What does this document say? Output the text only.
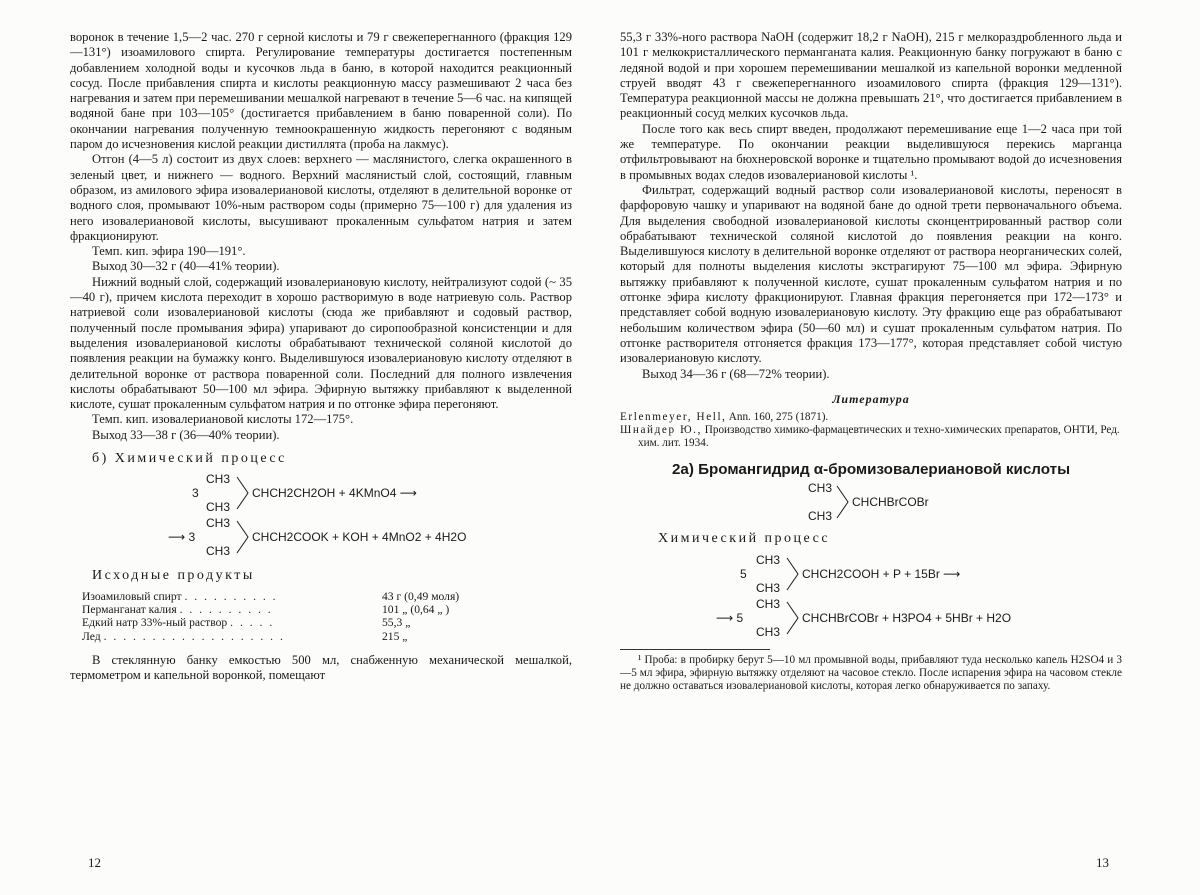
воронок в течение 1,5—2 час. 270 г серной кислоты и 79 г свежеперегнанного (фракция 129—131°) изоамилового спирта. Регулирование температуры достигается постепенным добавлением холодной воды и кусочков льда в баню, в которой находится реакционный сосуд. После прибавления спирта и кислоты реакционную массу размешивают 2 часа без нагревания и затем при перемешивании мешалкой нагревают в течение 5—6 час. на кипящей водяной бане при 103—105° (достигается прибавлением в баню поваренной соли). По окончании нагревания полученную темноокрашенную жидкость перегоняют с водяным паром до исчезновения кислой реакции дистиллята (проба на лакмус).

Отгон (4—5 л) состоит из двух слоев: верхнего — маслянистого, слегка окрашенного в зеленый цвет, и нижнего — водного. Верхний маслянистый слой, состоящий, главным образом, из амилового эфира изовалериановой кислоты, отделяют в делительной воронке от водного слоя, промывают 10%-ным раствором соды (примерно 75—100 г) для удаления из него изовалериановой кислоты, высушивают прокаленным сульфатом натрия и затем фракционируют.

Темп. кип. эфира 190—191°.

Выход 30—32 г (40—41% теории).

Нижний водный слой, содержащий изовалериановую кислоту, нейтрализуют содой (~ 35—40 г), причем кислота переходит в хорошо растворимую в воде натриевую соль. Раствор натриевой соли изовалериановой кислоты (сюда же прибавляют и содовый раствор, полученный после промывания эфира) упаривают до сиропообразной консистенции и для выделения изовалериановой кислоты обрабатывают технической соляной кислотой до появления реакции на бумажку конго. Выделившуюся изовалериановую кислоту отделяют в делительной воронке от раствора поваренной соли. Последний для полного извлечения кислоты обрабатывают 50—100 мл эфира. Эфирную вытяжку прибавляют к выделенной кислоте, сушат прокаленным сульфатом натрия и по отгонке эфира перегоняют.

Темп. кип. изовалериановой кислоты 172—175°.

Выход 33—38 г (36—40% теории).

б) Химический процесс
3
CH3
CH3
CHCH2CH2OH + 4KMnO4 ⟶
⟶ 3
CH3
CH3
CHCH2COOK + KOH + 4MnO2 + 4H2O
Исходные продукты
Изоамиловый спирт . . . . . . . . . .	43 г (0,49 моля)
Перманганат калия . . . . . . . . . .	101 „ (0,64 „ )
Едкий натр 33%-ный раствор . . . . .	55,3 „
Лед . . . . . . . . . . . . . . . . . . .	215 „

В стеклянную банку емкостью 500 мл, снабженную механической мешалкой, термометром и капельной воронкой, помещают

55,3 г 33%-ного раствора NaOH (содержит 18,2 г NaOH), 215 г мелкораздробленного льда и 101 г мелкокристаллического перманганата калия. Реакционную банку погружают в баню с ледяной водой и при хорошем перемешивании мешалкой из капельной воронки медленной струей вводят 43 г свежеперегнанного изоамилового спирта (фракция 129—131°). Температура реакционной массы не должна превышать 21°, что достигается прибавлением в реакционный сосуд мелких кусочков льда.

После того как весь спирт введен, продолжают перемешивание еще 1—2 часа при той же температуре. По окончании реакции выделившуюся перекись марганца отфильтровывают на бюхнеровской воронке и тщательно промывают водой до исчезновения в промывных водах следов изовалериановой кислоты ¹.

Фильтрат, содержащий водный раствор соли изовалериановой кислоты, переносят в фарфоровую чашку и упаривают на водяной бане до одной трети первоначального объема. Для выделения свободной изовалериановой кислоты сконцентрированный раствор соли обрабатывают технической соляной кислотой до появления реакции на конго. Выделившуюся кислоту в делительной воронке отделяют от раствора неорганических солей, который для полноты выделения кислоты экстрагируют 75—100 мл эфира. Эфирную вытяжку прибавляют к полученной кислоте, сушат прокаленным сульфатом натрия и по отгонке эфира кислоту фракционируют. Главная фракция перегоняется при 172—173° и представляет собой водную изовалериановую кислоту. Эту фракцию еще раз обрабатывают небольшим количеством эфира (50—60 мл) и сушат прокаленным сульфатом натрия. По отгонке растворителя отгоняется фракция 173—177°, которая представляет собой чистую изовалериановую кислоту.

Выход 34—36 г (68—72% теории).

Литература

Erlenmeyer, Hell, Ann. 160, 275 (1871).

Шнайдер Ю., Производство химико-фармацевтических и техно-химических препаратов, ОНТИ, Ред. хим. лит. 1934.

2а) Бромангидрид α-бромизовалериановой кислоты
CH3
CH3
CHCHBrCOBr
Химический процесс
5
CH3
CH3
CHCH2COOH + P + 15Br ⟶
⟶ 5
CH3
CH3
CHCHBrCOBr + H3PO4 + 5HBr + H2O

¹ Проба: в пробирку берут 5—10 мл промывной воды, прибавляют туда несколько капель H2SO4 и 3—5 мл эфира, эфирную вытяжку отделяют на часовое стекло. После испарения эфира на часовом стекле не должно оставаться изовалериановой кислоты, которая легко обнаруживается по запаху.

12	13
